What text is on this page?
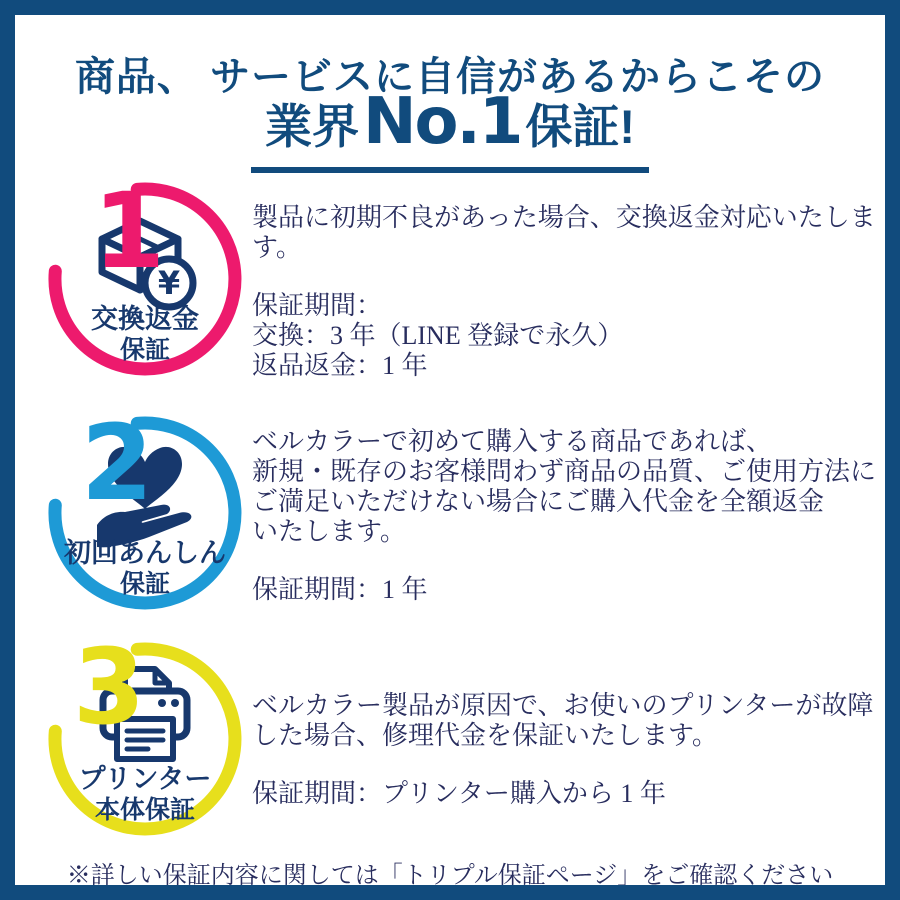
商品、 サービスに自信があるからこその
業界 No.1 保証!
¥
1
交換返金
保証
2
初回あんしん
保証
3
プリンター
本体保証
製品に初期不良があった場合、交換返金対応いたします。
保証期間：
交換：3 年（LINE 登録で永久）
返品返金：1 年
ベルカラーで初めて購入する商品であれば、
新規・既存のお客様問わず商品の品質、ご使用方法に
ご満足いただけない場合にご購入代金を全額返金
いたします。
保証期間：1 年
ベルカラー製品が原因で、お使いのプリンターが故障
した場合、修理代金を保証いたします。
保証期間：プリンター購入から 1 年
※詳しい保証内容に関しては「トリプル保証ページ」をご確認ください
